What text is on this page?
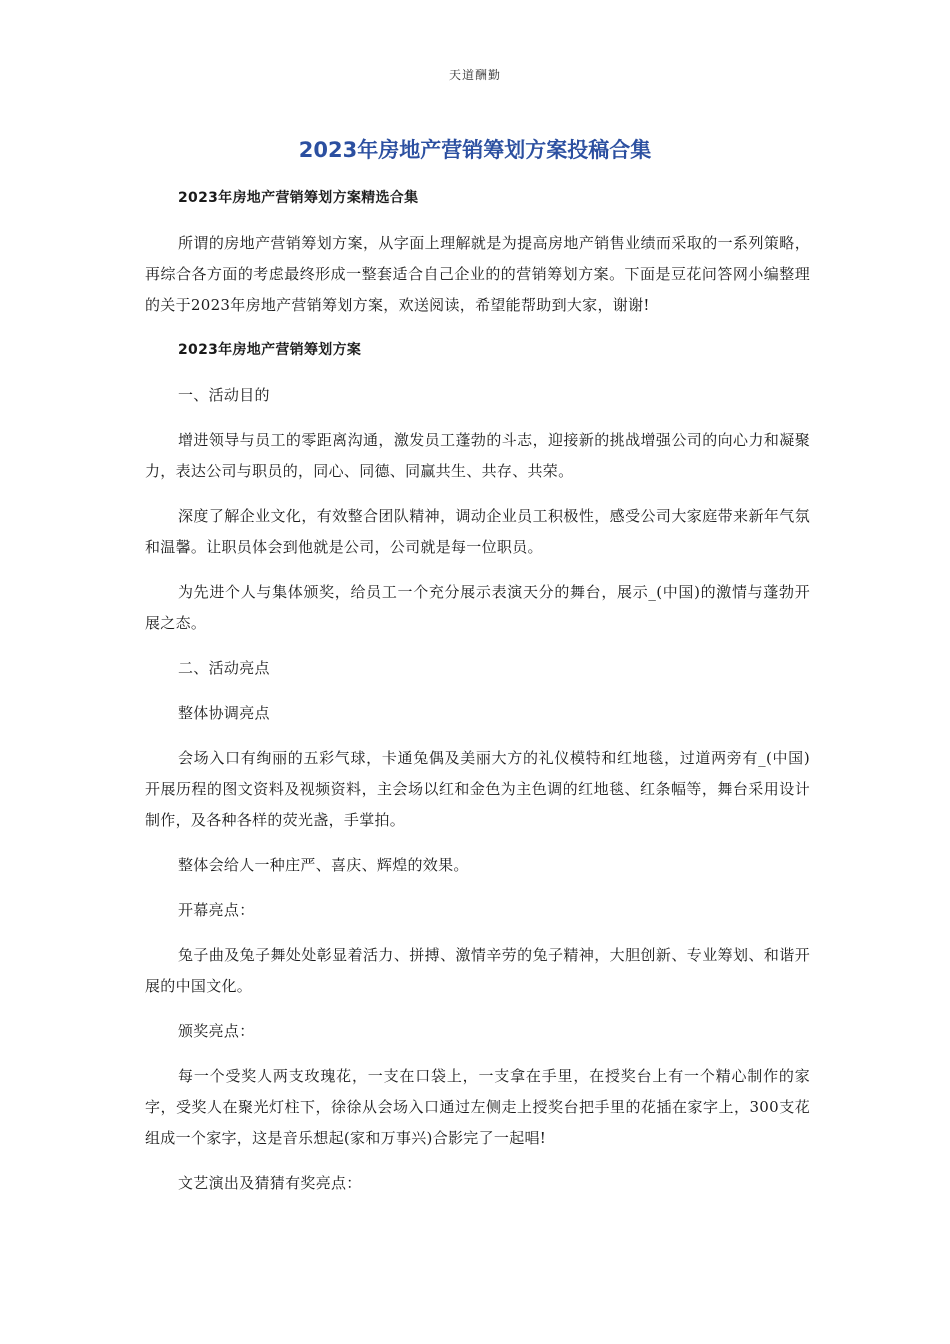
天道酬勤
2023年房地产营销筹划方案投稿合集

2023年房地产营销筹划方案精选合集

所谓的房地产营销筹划方案，从字面上理解就是为提高房地产销售业绩而采取的一系列策略，再综合各方面的考虑最终形成一整套适合自己企业的的营销筹划方案。下面是豆花问答网小编整理的关于2023年房地产营销筹划方案，欢送阅读，希望能帮助到大家，谢谢!

2023年房地产营销筹划方案

一、活动目的

增进领导与员工的零距离沟通，激发员工蓬勃的斗志，迎接新的挑战增强公司的向心力和凝聚力，表达公司与职员的，同心、同德、同赢共生、共存、共荣。

深度了解企业文化，有效整合团队精神，调动企业员工积极性，感受公司大家庭带来新年气氛和温馨。让职员体会到他就是公司，公司就是每一位职员。

为先进个人与集体颁奖，给员工一个充分展示表演天分的舞台，展示_(中国)的激情与蓬勃开展之态。

二、活动亮点

整体协调亮点

会场入口有绚丽的五彩气球，卡通兔偶及美丽大方的礼仪模特和红地毯，过道两旁有_(中国)开展历程的图文资料及视频资料，主会场以红和金色为主色调的红地毯、红条幅等，舞台采用设计制作，及各种各样的荧光盏，手掌拍。

整体会给人一种庄严、喜庆、辉煌的效果。

开幕亮点：

兔子曲及兔子舞处处彰显着活力、拼搏、激情辛劳的兔子精神，大胆创新、专业筹划、和谐开展的中国文化。

颁奖亮点：

每一个受奖人两支玫瑰花，一支在口袋上，一支拿在手里，在授奖台上有一个精心制作的家字，受奖人在聚光灯柱下，徐徐从会场入口通过左侧走上授奖台把手里的花插在家字上，300支花组成一个家字，这是音乐想起(家和万事兴)合影完了一起唱!

文艺演出及猜猜有奖亮点：
